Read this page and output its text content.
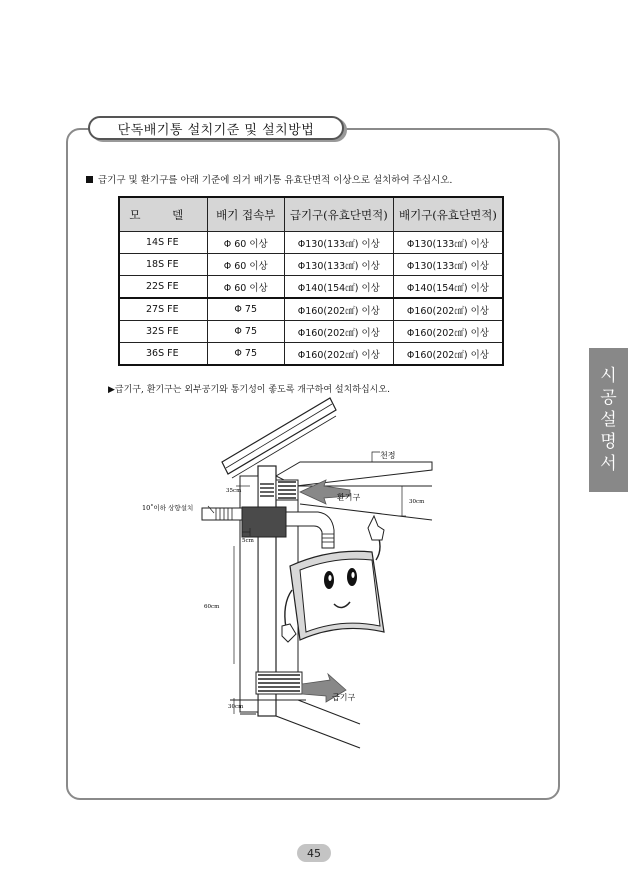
단독배기통 설치기준 및 설치방법
급기구 및 환기구를 아래 기준에 의거 배기통 유효단면적 이상으로 설치하여 주십시오.
모 델	배기 접속부	급기구(유효단면적)	배기구(유효단면적)
14S FE	Φ 60 이상	Φ130(133㎠) 이상	Φ130(133㎠) 이상
18S FE	Φ 60 이상	Φ130(133㎠) 이상	Φ130(133㎠) 이상
22S FE	Φ 60 이상	Φ140(154㎠) 이상	Φ140(154㎠) 이상
27S FE	Φ 75	Φ160(202㎠) 이상	Φ160(202㎠) 이상
32S FE	Φ 75	Φ160(202㎠) 이상	Φ160(202㎠) 이상
36S FE	Φ 75	Φ160(202㎠) 이상	Φ160(202㎠) 이상
▶급기구, 환기구는 외부공기와 통기성이 좋도록 개구하여 설치하십시오.
천정
환기구
급기구
10˚이하 상향설치
35cm
30cm
5cm
60cm
30cm
시
공
설
명
서
45
